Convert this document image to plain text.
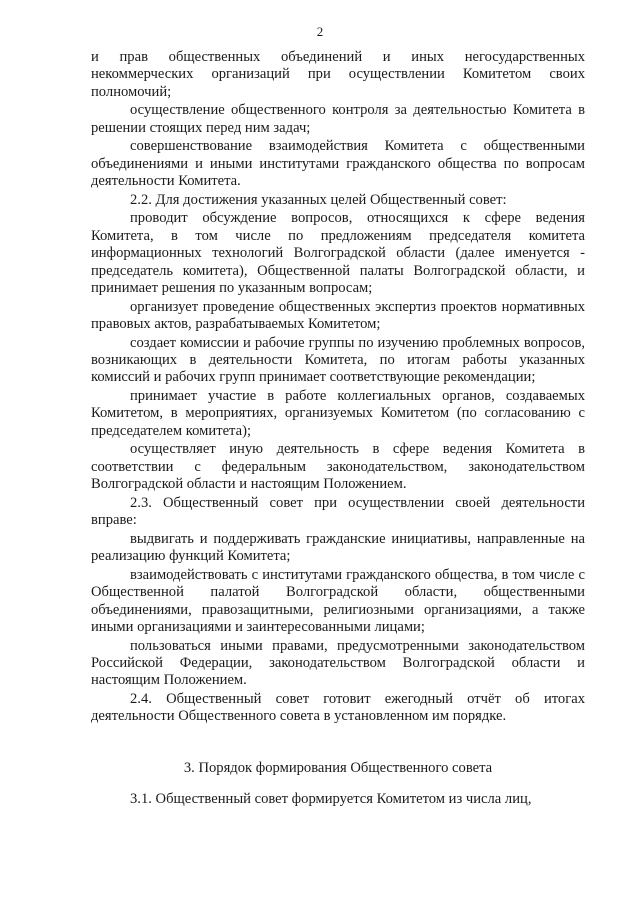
2

и прав общественных объединений и иных негосударственных некоммерческих организаций при осуществлении Комитетом своих полномочий;

осуществление общественного контроля за деятельностью Комитета в решении стоящих перед ним задач;

совершенствование взаимодействия Комитета с общественными объединениями и иными институтами гражданского общества по вопросам деятельности Комитета.

2.2. Для достижения указанных целей Общественный совет:

проводит обсуждение вопросов, относящихся к сфере ведения Комитета, в том числе по предложениям председателя комитета информационных технологий Волгоградской области (далее именуется - председатель комитета), Общественной палаты Волгоградской области, и принимает решения по указанным вопросам;

организует проведение общественных экспертиз проектов нормативных правовых актов, разрабатываемых Комитетом;

создает комиссии и рабочие группы по изучению проблемных вопросов, возникающих в деятельности Комитета, по итогам работы указанных комиссий и рабочих групп принимает соответствующие рекомендации;

принимает участие в работе коллегиальных органов, создаваемых Комитетом, в мероприятиях, организуемых Комитетом (по согласованию с председателем комитета);

осуществляет иную деятельность в сфере ведения Комитета в соответствии с федеральным законодательством, законодательством Волгоградской области и настоящим Положением.

2.3. Общественный совет при осуществлении своей деятельности вправе:

выдвигать и поддерживать гражданские инициативы, направленные на реализацию функций Комитета;

взаимодействовать с институтами гражданского общества, в том числе с Общественной палатой Волгоградской области, общественными объединениями, правозащитными, религиозными организациями, а также иными организациями и заинтересованными лицами;

пользоваться иными правами, предусмотренными законодательством Российской Федерации, законодательством Волгоградской области и настоящим Положением.

2.4. Общественный совет готовит ежегодный отчёт об итогах деятельности Общественного совета в установленном им порядке.

3. Порядок формирования Общественного совета

3.1. Общественный совет формируется Комитетом из числа лиц,
